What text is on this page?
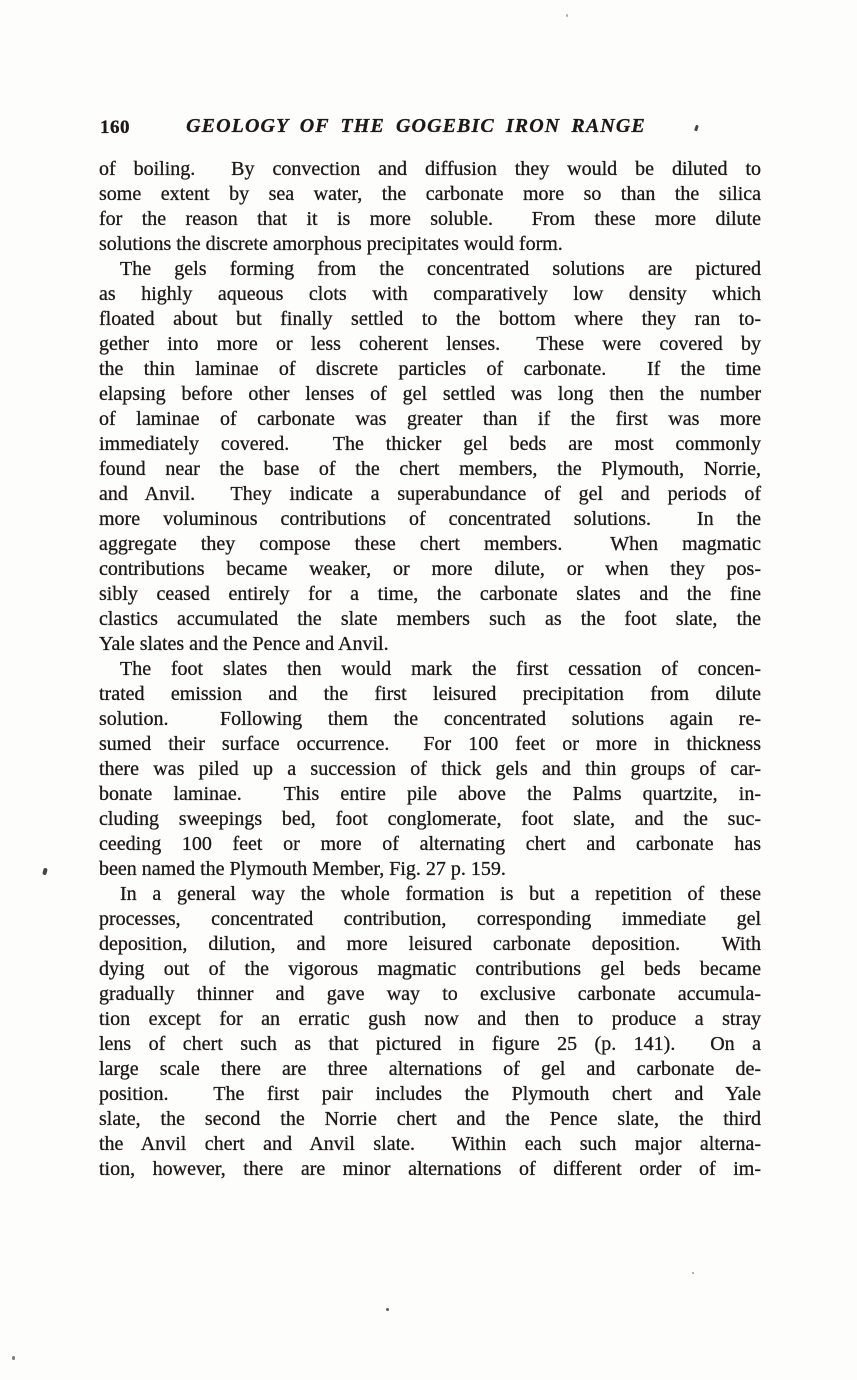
160	GEOLOGY OF THE GOGEBIC IRON RANGE
of boiling.  By convection and diffusion they would be diluted to
some extent by sea water, the carbonate more so than the silica
for the reason that it is more soluble.  From these more dilute
solutions the discrete amorphous precipitates would form.
The gels forming from the concentrated solutions are pictured
as highly aqueous clots with comparatively low density which
floated about but finally settled to the bottom where they ran to-
gether into more or less coherent lenses.  These were covered by
the thin laminae of discrete particles of carbonate.  If the time
elapsing before other lenses of gel settled was long then the number
of laminae of carbonate was greater than if the first was more
immediately covered.  The thicker gel beds are most commonly
found near the base of the chert members, the Plymouth, Norrie,
and Anvil.  They indicate a superabundance of gel and periods of
more voluminous contributions of concentrated solutions.  In the
aggregate they compose these chert members.  When magmatic
contributions became weaker, or more dilute, or when they pos-
sibly ceased entirely for a time, the carbonate slates and the fine
clastics accumulated the slate members such as the foot slate, the
Yale slates and the Pence and Anvil.
The foot slates then would mark the first cessation of concen-
trated emission and the first leisured precipitation from dilute
solution.  Following them the concentrated solutions again re-
sumed their surface occurrence.  For 100 feet or more in thickness
there was piled up a succession of thick gels and thin groups of car-
bonate laminae.  This entire pile above the Palms quartzite, in-
cluding sweepings bed, foot conglomerate, foot slate, and the suc-
ceeding 100 feet or more of alternating chert and carbonate has
been named the Plymouth Member, Fig. 27 p. 159.
In a general way the whole formation is but a repetition of these
processes, concentrated contribution, corresponding immediate gel
deposition, dilution, and more leisured carbonate deposition.  With
dying out of the vigorous magmatic contributions gel beds became
gradually thinner and gave way to exclusive carbonate accumula-
tion except for an erratic gush now and then to produce a stray
lens of chert such as that pictured in figure 25 (p. 141).  On a
large scale there are three alternations of gel and carbonate de-
position.  The first pair includes the Plymouth chert and Yale
slate, the second the Norrie chert and the Pence slate, the third
the Anvil chert and Anvil slate.  Within each such major alterna-
tion, however, there are minor alternations of different order of im-
